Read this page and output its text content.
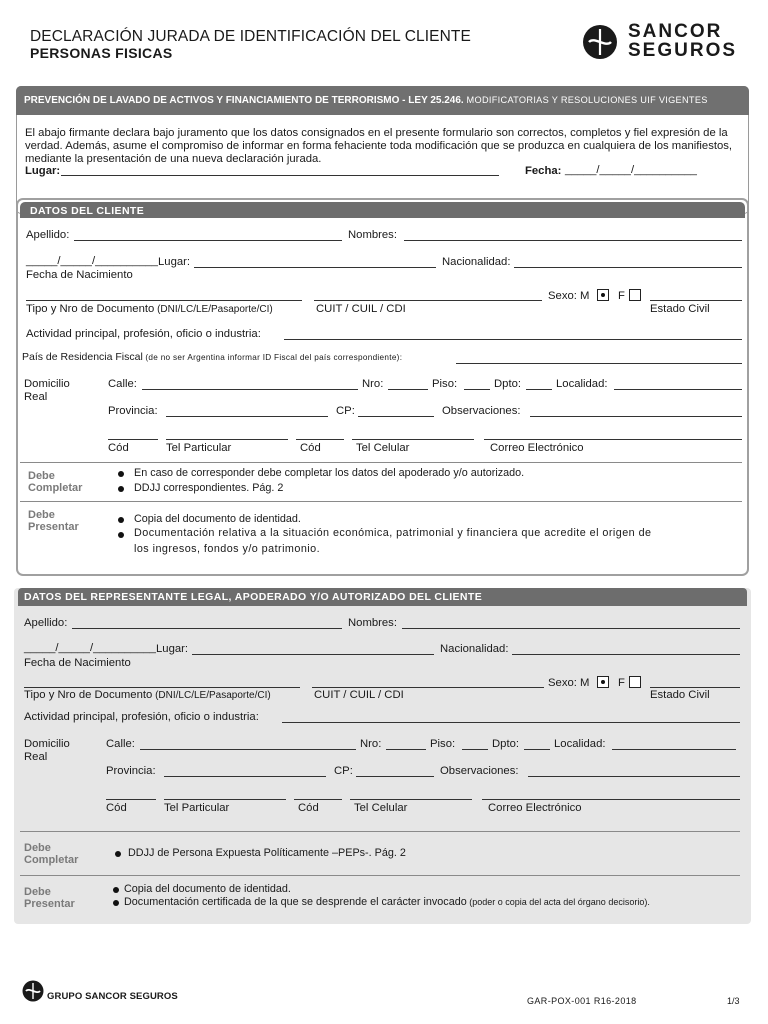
DECLARACIÓN JURADA DE IDENTIFICACIÓN DEL CLIENTE
PERSONAS FISICAS
SANCOR
SEGUROS
PREVENCIÓN DE LAVADO DE ACTIVOS Y FINANCIAMIENTO DE TERRORISMO - LEY 25.246. MODIFICATORIAS Y RESOLUCIONES UIF VIGENTES
El abajo firmante declara bajo juramento que los datos consignados en el presente formulario son correctos, completos y fiel expresión de la verdad. Además, asume el compromiso de informar en forma fehaciente toda modificación que se produzca en cualquiera de los manifiestos, mediante la presentación de una nueva declaración jurada.
Lugar:	Fecha: _____/_____/__________
DATOS DEL CLIENTE
Apellido:	Nombres:
_____/_____/__________ Lugar:	Nacionalidad:
Fecha de Nacimiento
Sexo: M	F
Tipo y Nro de Documento (DNI/LC/LE/Pasaporte/CI)	CUIT / CUIL / CDI	Estado Civil
Actividad principal, profesión, oficio o industria:
País de Residencia Fiscal (de no ser Argentina informar ID Fiscal del país correspondiente):
Domicilio
Real
Calle:	Nro:	Piso:	Dpto:	Localidad:
Provincia:	CP:	Observaciones:
Cód	Tel Particular	Cód	Tel Celular	Correo Electrónico
Debe
Completar
En caso de corresponder debe completar los datos del apoderado y/o autorizado.
DDJJ correspondientes. Pág. 2
Debe
Presentar
Copia del documento de identidad.
Documentación relativa a la situación económica, patrimonial y financiera que acredite el origen de
los ingresos, fondos y/o patrimonio.
DATOS DEL REPRESENTANTE LEGAL, APODERADO Y/O AUTORIZADO DEL CLIENTE
Apellido:	Nombres:
_____/_____/__________ Lugar:	Nacionalidad:
Fecha de Nacimiento
Sexo: M	F
Tipo y Nro de Documento (DNI/LC/LE/Pasaporte/CI)	CUIT / CUIL / CDI	Estado Civil
Actividad principal, profesión, oficio o industria:
Domicilio
Real
Calle:	Nro:	Piso:	Dpto:	Localidad:
Provincia:	CP:	Observaciones:
Cód	Tel Particular	Cód	Tel Celular	Correo Electrónico
Debe
Completar
DDJJ de Persona Expuesta Políticamente –PEPs-. Pág. 2
Debe
Presentar
Copia del documento de identidad.
Documentación certificada de la que se desprende el carácter invocado (poder o copia del acta del órgano decisorio).
GRUPO SANCOR SEGUROS	GAR-POX-001 R16-2018	1/3
